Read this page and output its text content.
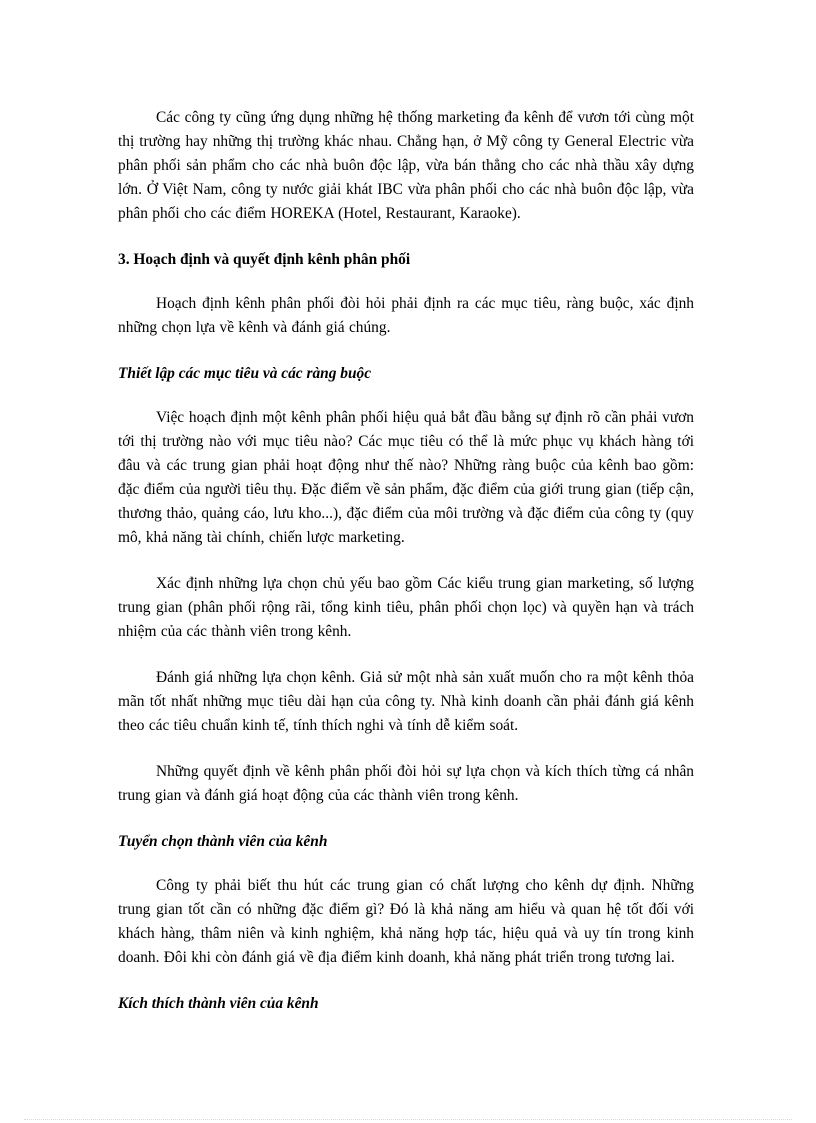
Các công ty cũng ứng dụng những hệ thống marketing đa kênh để vươn tới cùng một thị trường hay những thị trường khác nhau. Chẳng hạn, ở Mỹ công ty General Electric vừa phân phối sản phẩm cho các nhà buôn độc lập, vừa bán thẳng cho các nhà thầu xây dựng lớn. Ở Việt Nam, công ty nước giải khát IBC vừa phân phối cho các nhà buôn độc lập, vừa phân phối cho các điểm HOREKA (Hotel, Restaurant, Karaoke).

3. Hoạch định và quyết định kênh phân phối

Hoạch định kênh phân phối đòi hỏi phải định ra các mục tiêu, ràng buộc, xác định những chọn lựa về kênh và đánh giá chúng.

Thiết lập các mục tiêu và các ràng buộc

Việc hoạch định một kênh phân phối hiệu quả bắt đầu bằng sự định rõ cần phải vươn tới thị trường nào với mục tiêu nào? Các mục tiêu có thể là mức phục vụ khách hàng tới đâu và các trung gian phải hoạt động như thế nào? Những ràng buộc của kênh bao gồm: đặc điểm của người tiêu thụ. Đặc điểm về sản phẩm, đặc điểm của giới trung gian (tiếp cận, thương thảo, quảng cáo, lưu kho...), đặc điểm của môi trường và đặc điểm của công ty (quy mô, khả năng tài chính, chiến lược marketing.

Xác định những lựa chọn chủ yếu bao gồm Các kiểu trung gian marketing, số lượng trung gian (phân phối rộng rãi, tổng kinh tiêu, phân phối chọn lọc) và quyền hạn và trách nhiệm của các thành viên trong kênh.

Đánh giá những lựa chọn kênh. Giả sử một nhà sản xuất muốn cho ra một kênh thỏa mãn tốt nhất những mục tiêu dài hạn của công ty. Nhà kinh doanh cần phải đánh giá kênh theo các tiêu chuẩn kinh tế, tính thích nghi và tính dễ kiểm soát.

Những quyết định về kênh phân phối đòi hỏi sự lựa chọn và kích thích từng cá nhân trung gian và đánh giá hoạt động của các thành viên trong kênh.

Tuyển chọn thành viên của kênh

Công ty phải biết thu hút các trung gian có chất lượng cho kênh dự định. Những trung gian tốt cần có những đặc điểm gì? Đó là khả năng am hiểu và quan hệ tốt đối với khách hàng, thâm niên và kinh nghiệm, khả năng hợp tác, hiệu quả và uy tín trong kinh doanh. Đôi khi còn đánh giá về địa điểm kinh doanh, khả năng phát triển trong tương lai.

Kích thích thành viên của kênh
